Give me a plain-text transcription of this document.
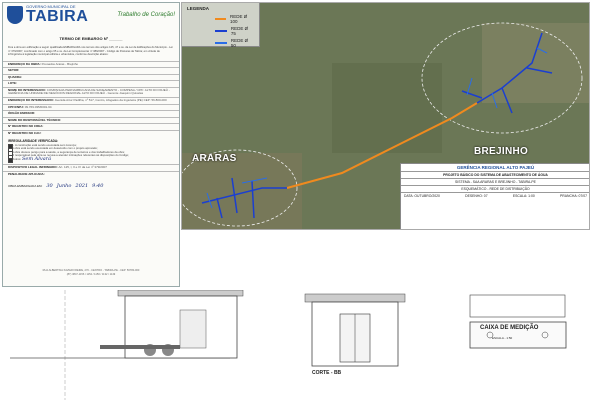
GOVERNO MUNICIPAL DE
TABIRA	Trabalho de Coração!
TERMO DE EMBARGO Nº ______
Fica a obra em edificação a seguir qualificada EMBARGADA nos termos dos artigos 125, 47 e ss. da Lei de Edificações do Município - Lei nº 379/2007, combinado com o artigo 65 e ss. da Lei Complementar nº 389/2007 - Código de Posturas de Tabira; em virtude de infringência à legislação municipal edilícia e urbanística, conforme descrição abaixo:
ENDEREÇO DA OBRA: Povoados Araras - Brejinho
SETOR:
QUADRA:
LOTE:
NOME DO INTERESSADO: COMPANHIA PERNAMBUCANA DE SANEAMENTO - COMPESA / CPF: ALTO DO PAJEÚ - GERÊNCIA DE UNIDADE DE NEGÓCIOS REGIONAL ALTO DO PAJEÚ - Gerente Joaquim Quixelas
ENDEREÇO DO INTERESSADO: Avenida Artur Padilha, nº 517, Centro, Afogados da Ingazeira (PE) CEP: 56.800-000
CPF/CNPJ: 09.769.035/0001-64
ÓRGÃO EMISSOR:
NOME DO RESPONSÁVEL TÉCNICO:
Nº REGISTRO NO CREA:
Nº REGISTRO NO CAU:
IRREGULARIDADE VERIFICADA:
1. A construção está sendo executada sem Licença;
A obra está sendo executada em desacordo com o projeto aprovado;
A obra oferece perigo para a saúde, a segurança de terceiros e dos trabalhadores da obra;
O responsável pela obra se recusa a atender intimações referentes às disposições do Código;
Outros: Sem Alvará
DISPOSITIVO LEGAL INFRINGIDO: Art. 125, I, II e IV da Lei nº 379/2007
PENALIDADE APLICADA:
OBRA EMBARGADA EM: 30 Junho 2021 9:40
RUA ALBERTINA XAVIER FREIRE, 270 - CENTRO - TABIRA-PE - CEP: 56780-000
(87) 3847-1156 / 1152 / 1150 / 1132 / 1149
LEGENDA
REDE Ø 100
REDE Ø 75
REDE Ø 50
ARARAS
BREJINHO
GERÊNCIA REGIONAL ALTO PAJEÚ
PROJETO BÁSICO DO SISTEMA DE ABASTECIMENTO DE ÁGUA
SISTEMA - SAA ARARAS E BREJINHO - TABIRA-PE
ESQUEMÁTICO - REDE DE DISTRIBUIÇÃO
DATA: OUTUBRO/2020	DESENHO: 07	ESCALA: 1:00	PRANCHA: 07/07
CORTE - BB
CAIXA DE MEDIÇÃO
ESCALA - 1:50
